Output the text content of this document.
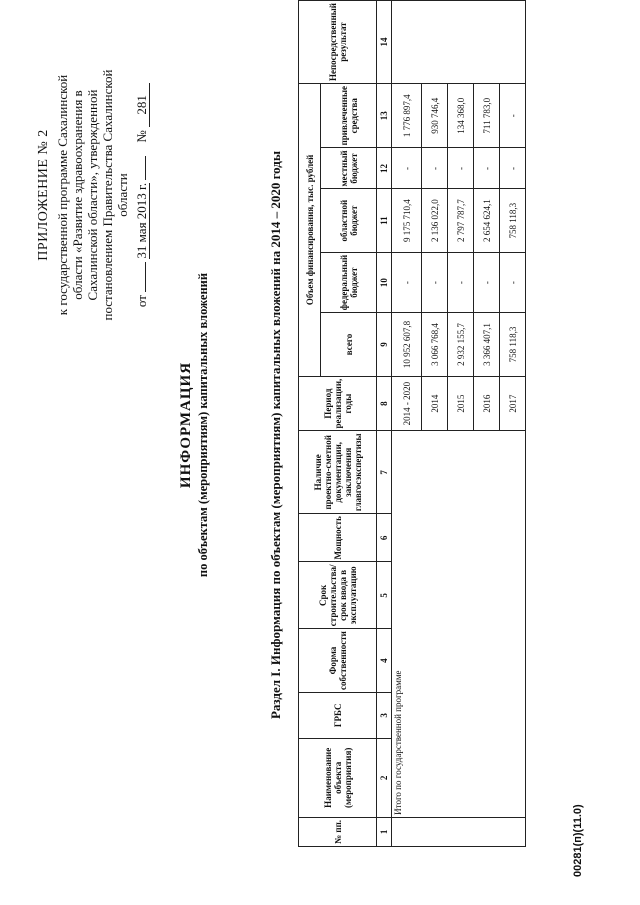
ПРИЛОЖЕНИЕ № 2 к государственной программе Сахалинской области «Развитие здравоохранения в Сахалинской области», утвержденной постановлением Правительства Сахалинской области
от  31 мая 2013 г.     № 281
ИНФОРМАЦИЯ по объектам (мероприятиям) капитальных вложений	Раздел I. Информация по объектам (мероприятиям) капитальных вложений на 2014 – 2020 годы
№ пп.	Наименование объекта (мероприятия)	ГРБС	Форма собственности	Срок строительства/срок ввода в эксплуатацию	Мощность	Наличие проектно-сметной документации, заключения главгосэкспертизы	Период реализации, годы	Объем финансирования, тыс. рублей					Непосредственный результат
								всего	федеральный бюджет	областной бюджет	местный бюджет	привлеченные средства	
1	2	3	4	5	6	7	8	9	10	11	12	13	14
	Итого по государственной программе						2014 - 2020	10 952 607,8	-	9 175 710,4	-	1 776 897,4	
							2014	3 066 768,4	-	2 136 022,0	-	930 746,4	
							2015	2 932 155,7	-	2 797 787,7	-	134 368,0	
							2016	3 366 407,1	-	2 654 624,1	-	711 783,0	
							2017	758 118,3	-	758 118,3	-	-	
00281(п)(11.0)
